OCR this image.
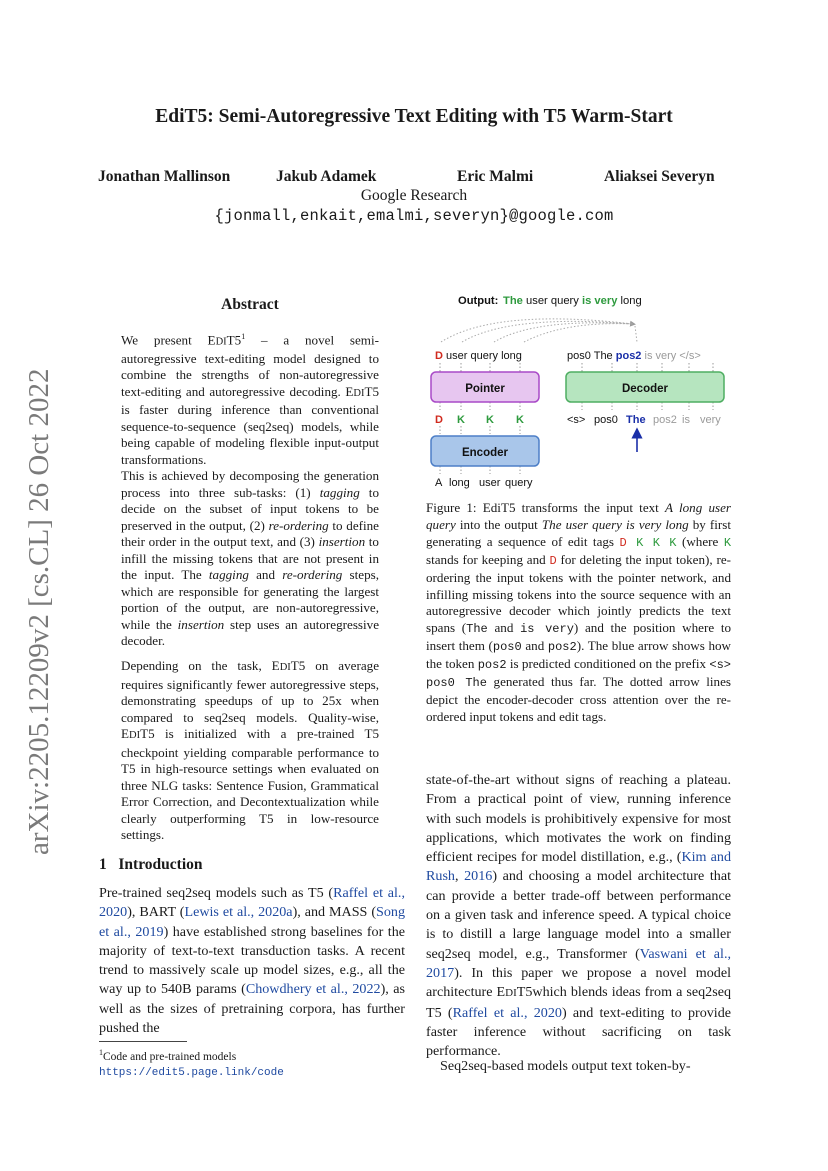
EdiT5: Semi-Autoregressive Text Editing with T5 Warm-Start
Jonathan Mallinson	Jakub Adamek	Eric Malmi	Aliaksei Severyn
Google Research
{jonmall,enkait,emalmi,severyn}@google.com
arXiv:2205.12209v2 [cs.CL] 26 Oct 2022
Abstract
We present $EDIT5^1$ – a novel semi-autoregressive text-editing model designed to combine the strengths of non-autoregressive text-editing and autoregressive decoding. EDIT5 is faster during inference than conventional sequence-to-sequence (seq2seq) models, while being capable of modeling flexible input-output transformations.
This is achieved by decomposing the generation process into three sub-tasks: (1) tagging to decide on the subset of input tokens to be preserved in the output, (2) re-ordering to define their order in the output text, and (3) insertion to infill the missing tokens that are not present in the input. The tagging and re-ordering steps, which are responsible for generating the largest portion of the output, are non-autoregressive, while the insertion step uses an autoregressive decoder.
Depending on the task, EDIT5 on average requires significantly fewer autoregressive steps, demonstrating speedups of up to 25x when compared to seq2seq models. Quality-wise, EDIT5 is initialized with a pre-trained T5 checkpoint yielding comparable performance to T5 in high-resource settings when evaluated on three NLG tasks: Sentence Fusion, Grammatical Error Correction, and Decontextualization while clearly outperforming T5 in low-resource settings.
1   Introduction
Pre-trained seq2seq models such as T5 (Raffel et al., 2020), BART (Lewis et al., 2020a), and MASS (Song et al., 2019) have established strong baselines for the majority of text-to-text transduction tasks. A recent trend to massively scale up model sizes, e.g., all the way up to 540B params (Chowdhery et al., 2022), as well as the sizes of pretraining corpora, has further pushed the
$^1$Code and pre-trained models https://edit5.page.link/code
Output: The user query is very long
D user query long	pos0 The pos2 is very </s>
Pointer	Decoder
D K K K	<s> pos0 The pos2 is very
Encoder
A long user query
Figure 1: EdiT5 transforms the input text A long user query into the output The user query is very long by first generating a sequence of edit tags D K K K (where K stands for keeping and D for deleting the input token), re-ordering the input tokens with the pointer network, and infilling missing tokens into the source sequence with an autoregressive decoder which jointly predicts the text spans (The and is very) and the position where to insert them (pos0 and pos2). The blue arrow shows how the token pos2 is predicted conditioned on the prefix <s> pos0 The generated thus far. The dotted arrow lines depict the encoder-decoder cross attention over the re-ordered input tokens and edit tags.
state-of-the-art without signs of reaching a plateau. From a practical point of view, running inference with such models is prohibitively expensive for most applications, which motivates the work on finding efficient recipes for model distillation, e.g., (Kim and Rush, 2016) and choosing a model architecture that can provide a better trade-off between performance on a given task and inference speed. A typical choice is to distill a large language model into a smaller seq2seq model, e.g., Transformer (Vaswani et al., 2017). In this paper we propose a novel model architecture EDIT5which blends ideas from a seq2seq T5 (Raffel et al., 2020) and text-editing to provide faster inference without sacrificing on task performance.
Seq2seq-based models output text token-by-
